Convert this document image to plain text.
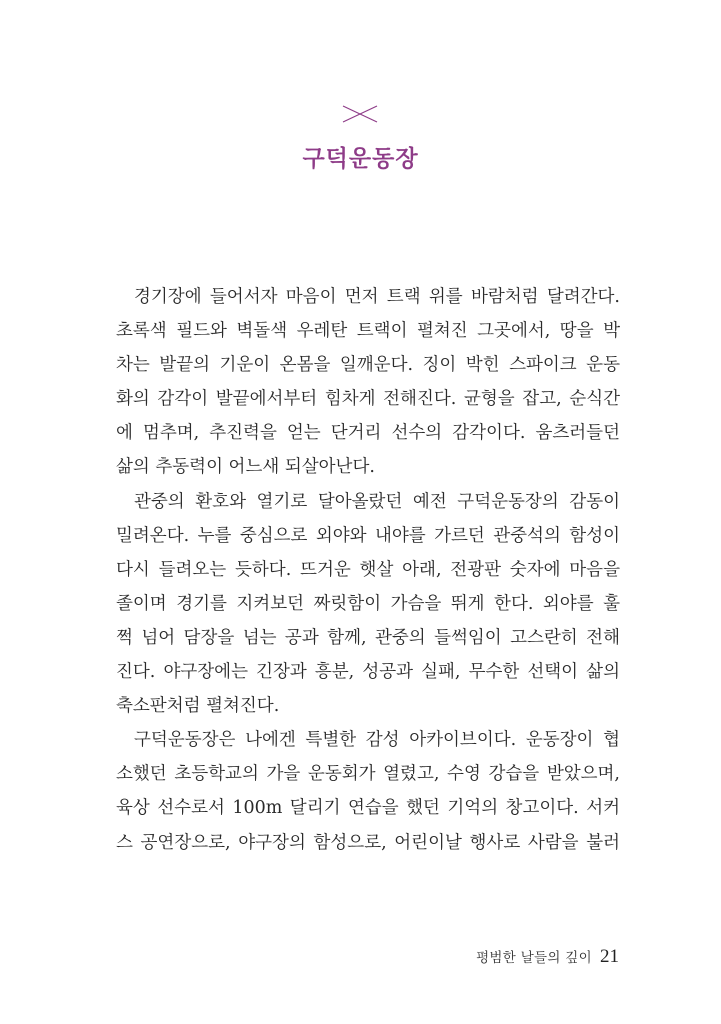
구덕운동장
경기장에 들어서자 마음이 먼저 트랙 위를 바람처럼 달려간다.
초록색 필드와 벽돌색 우레탄 트랙이 펼쳐진 그곳에서, 땅을 박
차는 발끝의 기운이 온몸을 일깨운다. 징이 박힌 스파이크 운동
화의 감각이 발끝에서부터 힘차게 전해진다. 균형을 잡고, 순식간
에 멈추며, 추진력을 얻는 단거리 선수의 감각이다. 움츠러들던
삶의 추동력이 어느새 되살아난다.
관중의 환호와 열기로 달아올랐던 예전 구덕운동장의 감동이
밀려온다. 누를 중심으로 외야와 내야를 가르던 관중석의 함성이
다시 들려오는 듯하다. 뜨거운 햇살 아래, 전광판 숫자에 마음을
졸이며 경기를 지켜보던 짜릿함이 가슴을 뛰게 한다. 외야를 훌
쩍 넘어 담장을 넘는 공과 함께, 관중의 들썩임이 고스란히 전해
진다. 야구장에는 긴장과 흥분, 성공과 실패, 무수한 선택이 삶의
축소판처럼 펼쳐진다.
구덕운동장은 나에겐 특별한 감성 아카이브이다. 운동장이 협
소했던 초등학교의 가을 운동회가 열렸고, 수영 강습을 받았으며,
육상 선수로서 100m 달리기 연습을 했던 기억의 창고이다. 서커
스 공연장으로, 야구장의 함성으로, 어린이날 행사로 사람을 불러
평범한 날들의 깊이 21
